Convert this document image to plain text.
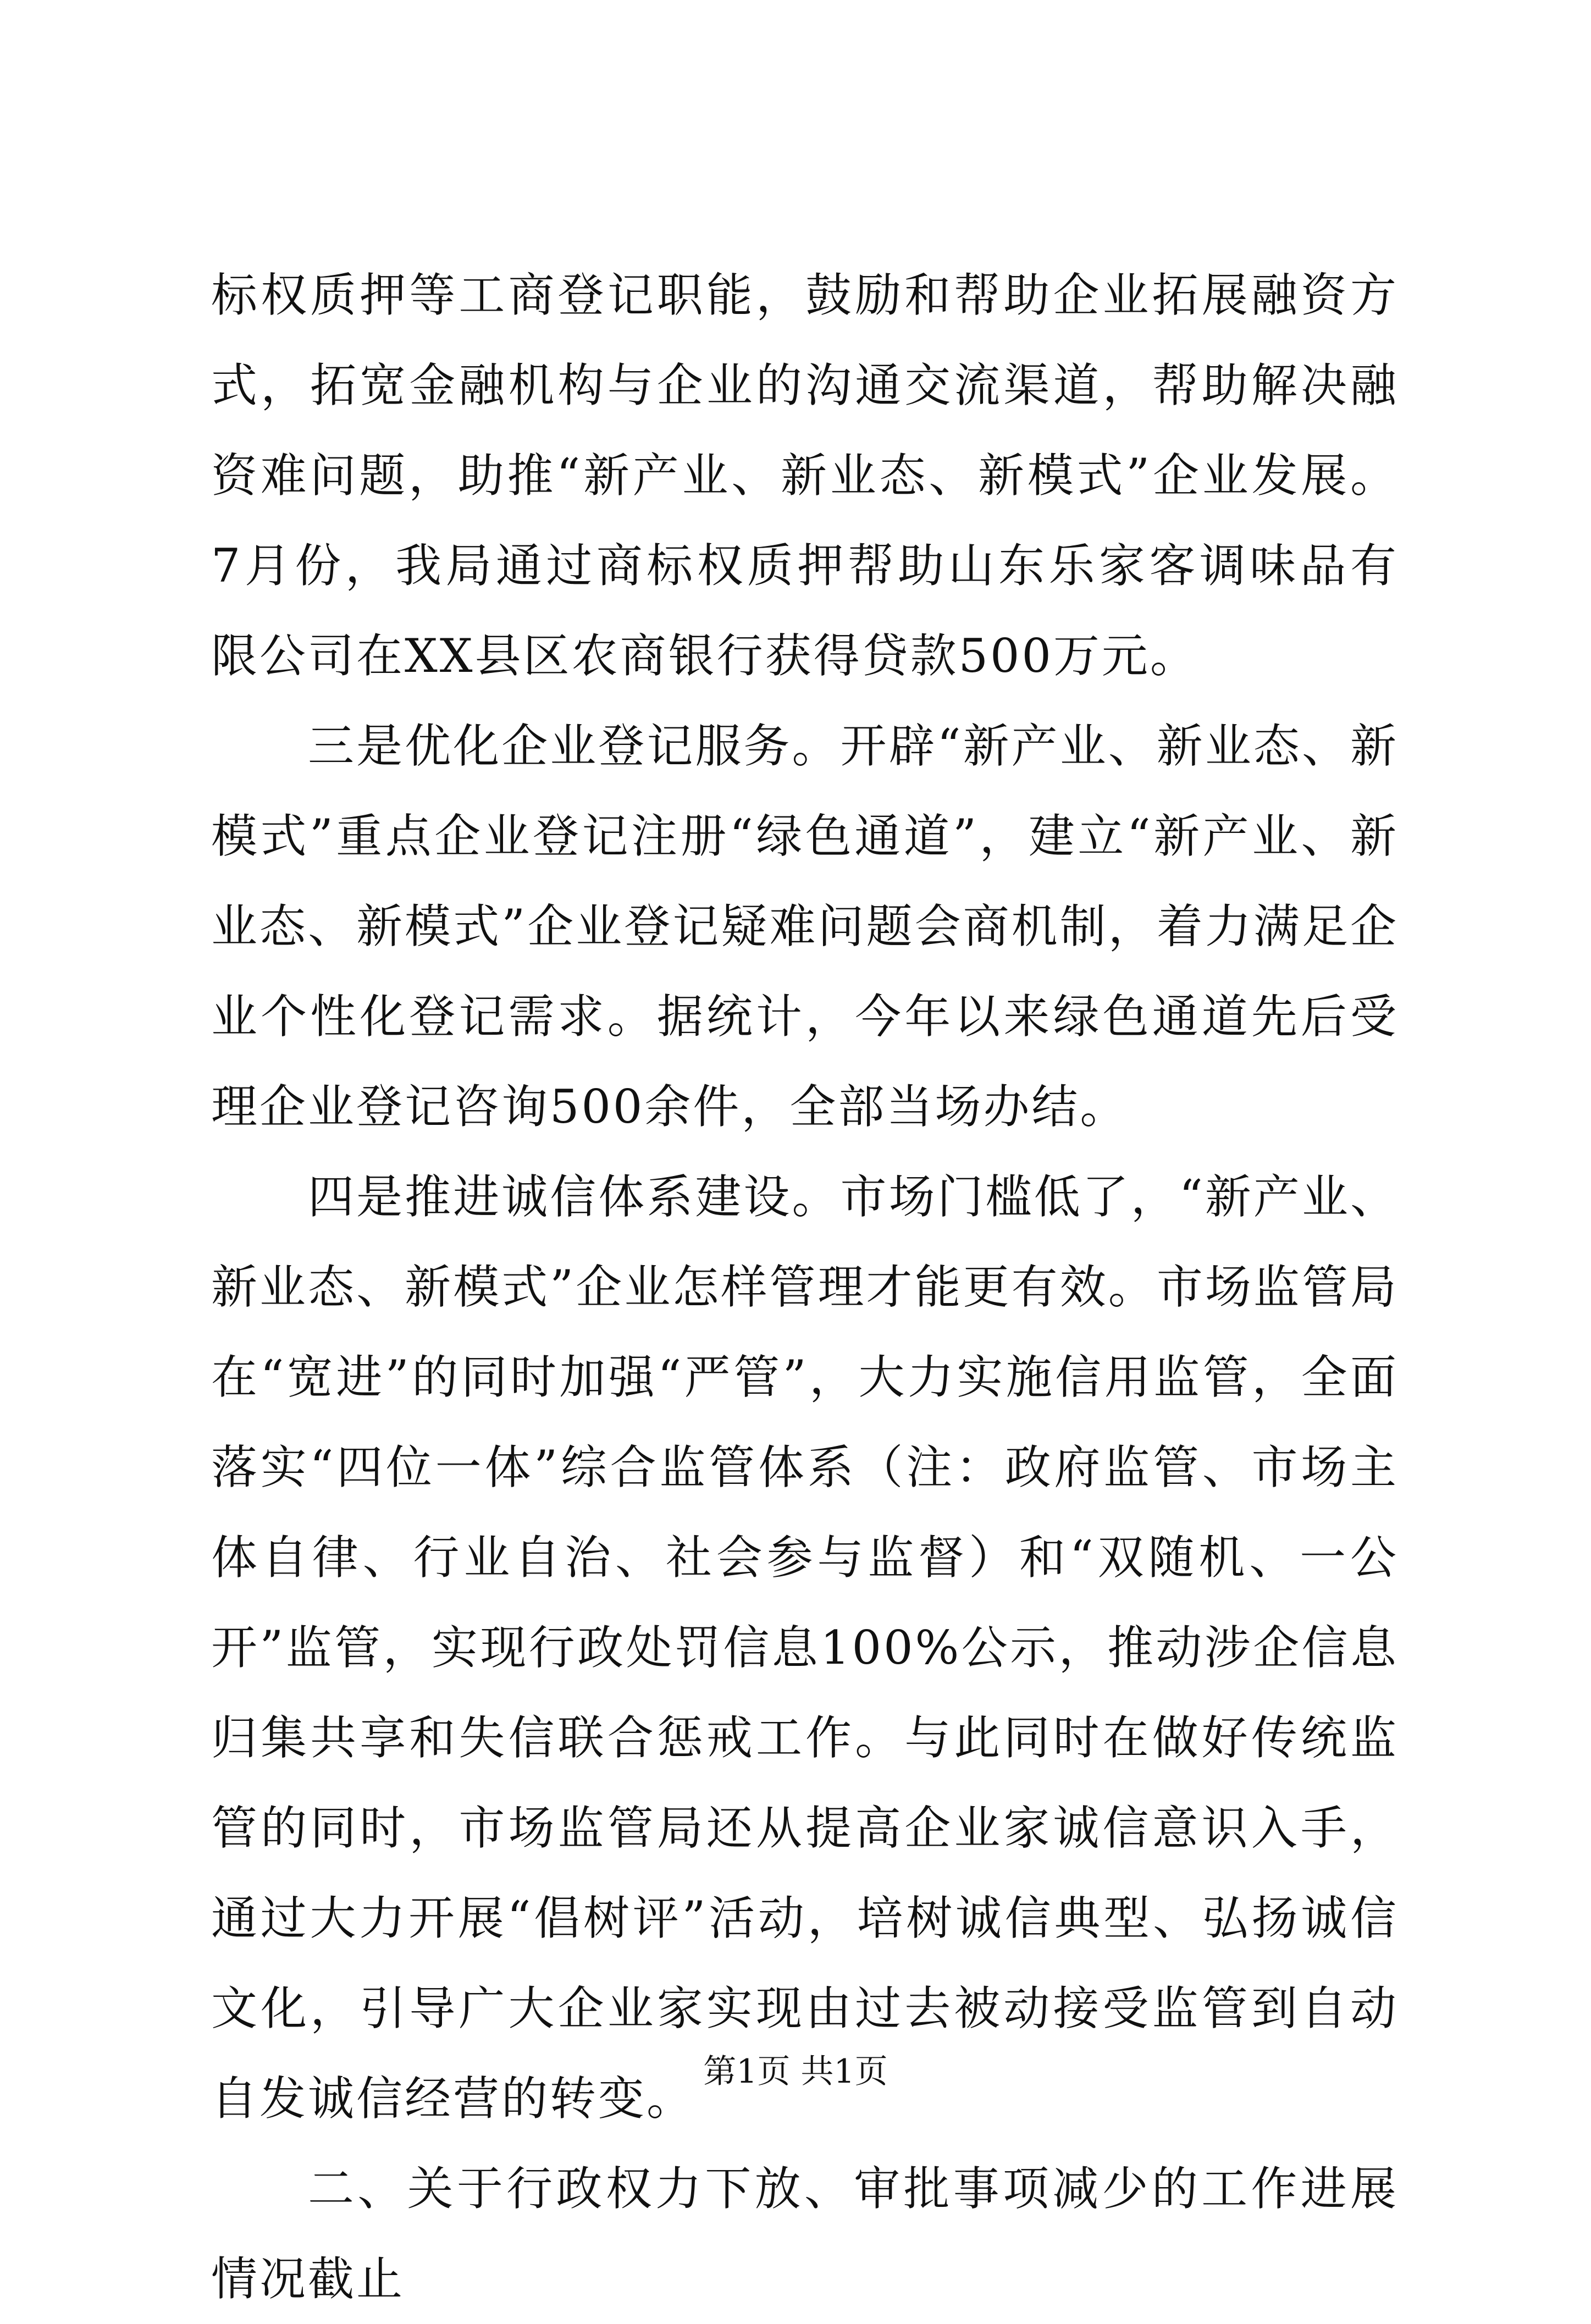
标权质押等工商登记职能，鼓励和帮助企业拓展融资方式，拓宽金融机构与企业的沟通交流渠道，帮助解决融资难问题，助推“新产业、新业态、新模式”企业发展。7月份，我局通过商标权质押帮助山东乐家客调味品有限公司在XX县区农商银行获得贷款500万元。

三是优化企业登记服务。开辟“新产业、新业态、新模式”重点企业登记注册“绿色通道”，建立“新产业、新业态、新模式”企业登记疑难问题会商机制，着力满足企业个性化登记需求。据统计，今年以来绿色通道先后受理企业登记咨询500余件，全部当场办结。

四是推进诚信体系建设。市场门槛低了，“新产业、新业态、新模式”企业怎样管理才能更有效。市场监管局在“宽进”的同时加强“严管”，大力实施信用监管，全面落实“四位一体”综合监管体系（注：政府监管、市场主体自律、行业自治、社会参与监督）和“双随机、一公开”监管，实现行政处罚信息100%公示，推动涉企信息归集共享和失信联合惩戒工作。与此同时在做好传统监管的同时，市场监管局还从提高企业家诚信意识入手，通过大力开展“倡树评”活动，培树诚信典型、弘扬诚信文化，引导广大企业家实现由过去被动接受监管到自动自发诚信经营的转变。

二、关于行政权力下放、审批事项减少的工作进展情况截止

第1页 共1页
